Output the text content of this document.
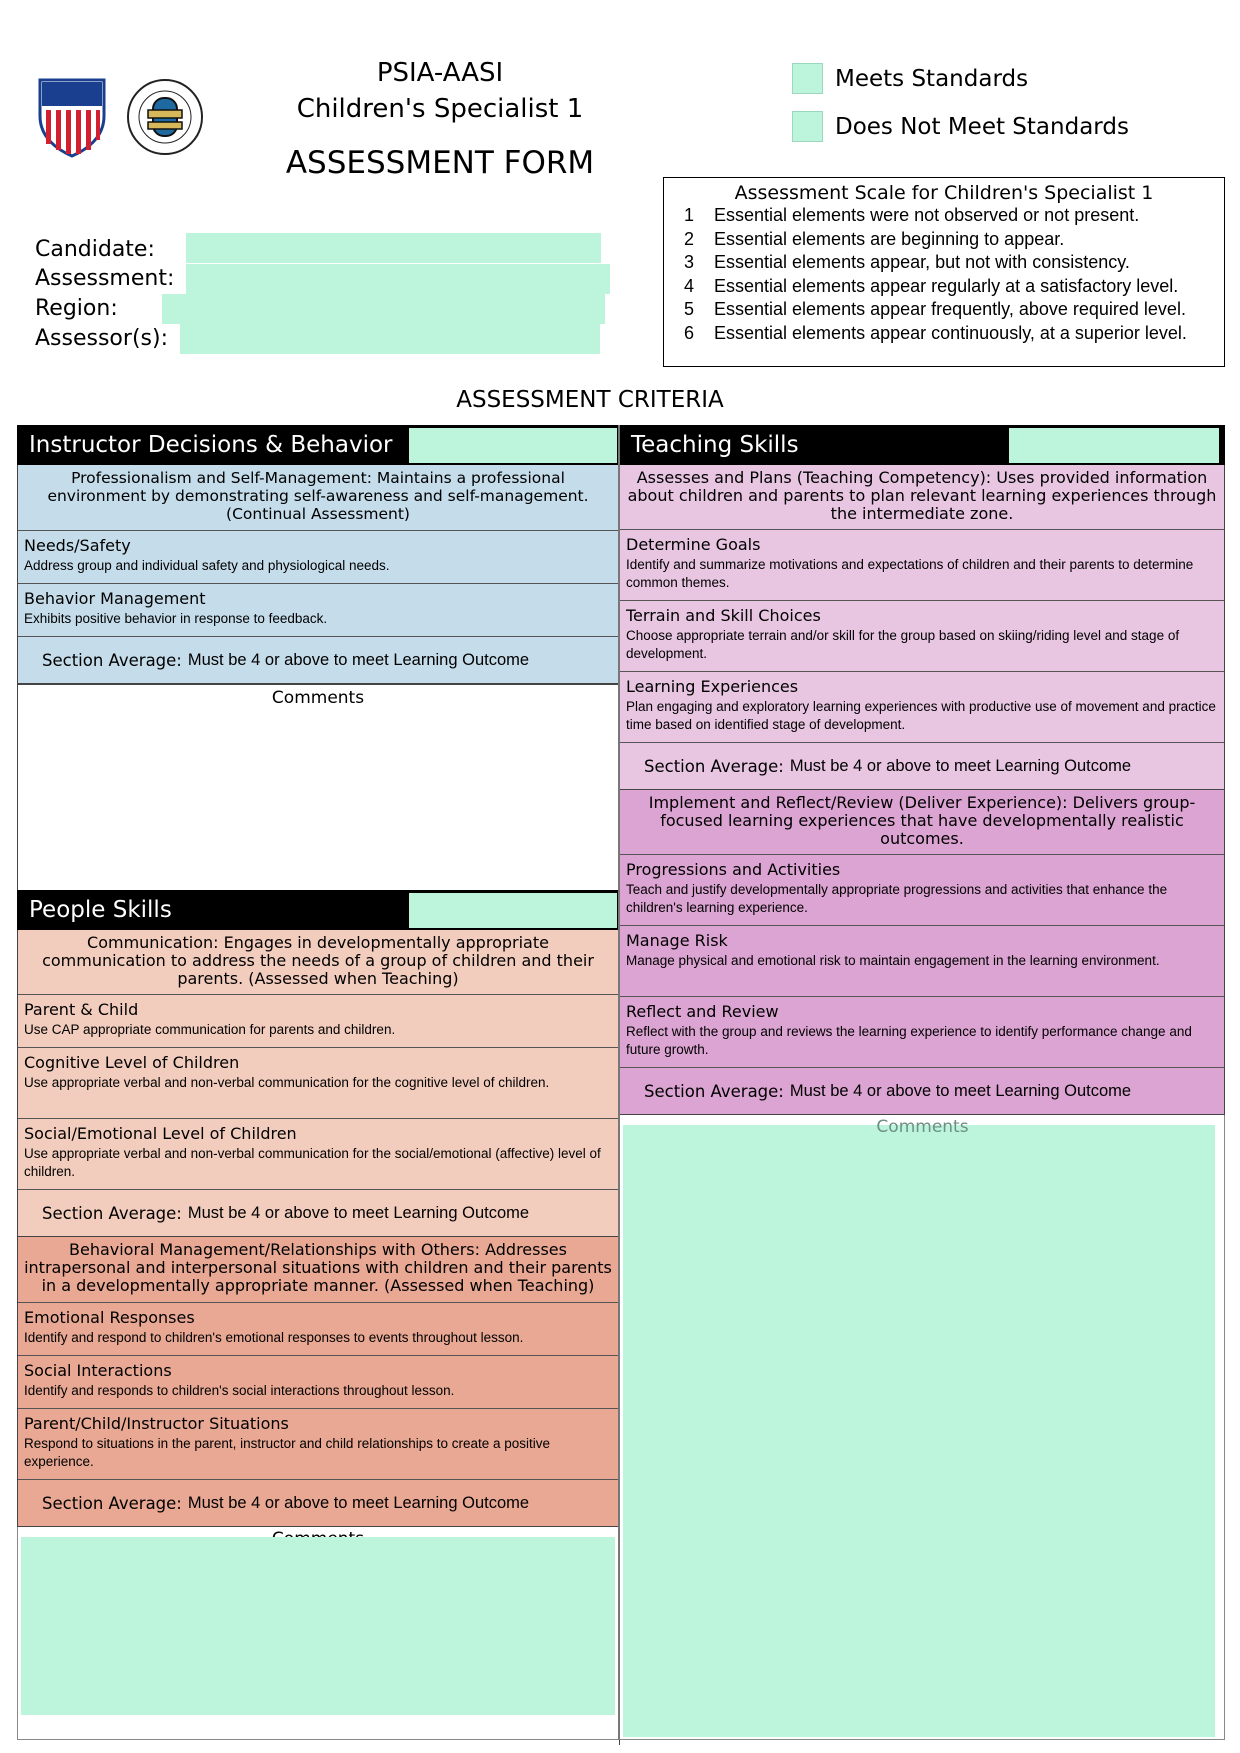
PSIA-AASI
Children's Specialist 1
ASSESSMENT FORM
Meets Standards
Does Not Meet Standards
Candidate:
Assessment:
Region:
Assessor(s):
Assessment Scale for Children's Specialist 1
1	Essential elements were not observed or not present.
2	Essential elements are beginning to appear.
3	Essential elements appear, but not with consistency.
4	Essential elements appear regularly at a satisfactory level.
5	Essential elements appear frequently, above required level.
6	Essential elements appear continuously, at a superior level.
ASSESSMENT CRITERIA
Instructor Decisions & Behavior
Professionalism and Self-Management: Maintains a professional environment by demonstrating self-awareness and self-management. (Continual Assessment)
Needs/Safety
Address group and individual safety and physiological needs.
Behavior Management
Exhibits positive behavior in response to feedback.
Section Average: Must be 4 or above to meet Learning Outcome
Comments
People Skills
Communication: Engages in developmentally appropriate communication to address the needs of a group of children and their parents. (Assessed when Teaching)
Parent & Child
Use CAP appropriate communication for parents and children.
Cognitive Level of Children
Use appropriate verbal and non-verbal communication for the cognitive level of children.
Social/Emotional Level of Children
Use appropriate verbal and non-verbal communication for the social/emotional (affective) level of children.
Section Average: Must be 4 or above to meet Learning Outcome
Behavioral Management/Relationships with Others: Addresses intrapersonal and interpersonal situations with children and their parents in a developmentally appropriate manner. (Assessed when Teaching)
Emotional Responses
Identify and respond to children's emotional responses to events throughout lesson.
Social Interactions
Identify and responds to children's social interactions throughout lesson.
Parent/Child/Instructor Situations
Respond to situations in the parent, instructor and child relationships to create a positive experience.
Section Average: Must be 4 or above to meet Learning Outcome
Teaching Skills
Assesses and Plans (Teaching Competency): Uses provided information about children and parents to plan relevant learning experiences through the intermediate zone.
Determine Goals
Identify and summarize motivations and expectations of children and their parents to determine common themes.
Terrain and Skill Choices
Choose appropriate terrain and/or skill for the group based on skiing/riding level and stage of development.
Learning Experiences
Plan engaging and exploratory learning experiences with productive use of movement and practice time based on identified stage of development.
Section Average: Must be 4 or above to meet Learning Outcome
Implement and Reflect/Review (Deliver Experience): Delivers group-focused learning experiences that have developmentally realistic outcomes.
Progressions and Activities
Teach and justify developmentally appropriate progressions and activities that enhance the children's learning experience.
Manage Risk
Manage physical and emotional risk to maintain engagement in the learning environment.
Reflect and Review
Reflect with the group and reviews the learning experience to identify performance change and future growth.
Section Average: Must be 4 or above to meet Learning Outcome
Comments
